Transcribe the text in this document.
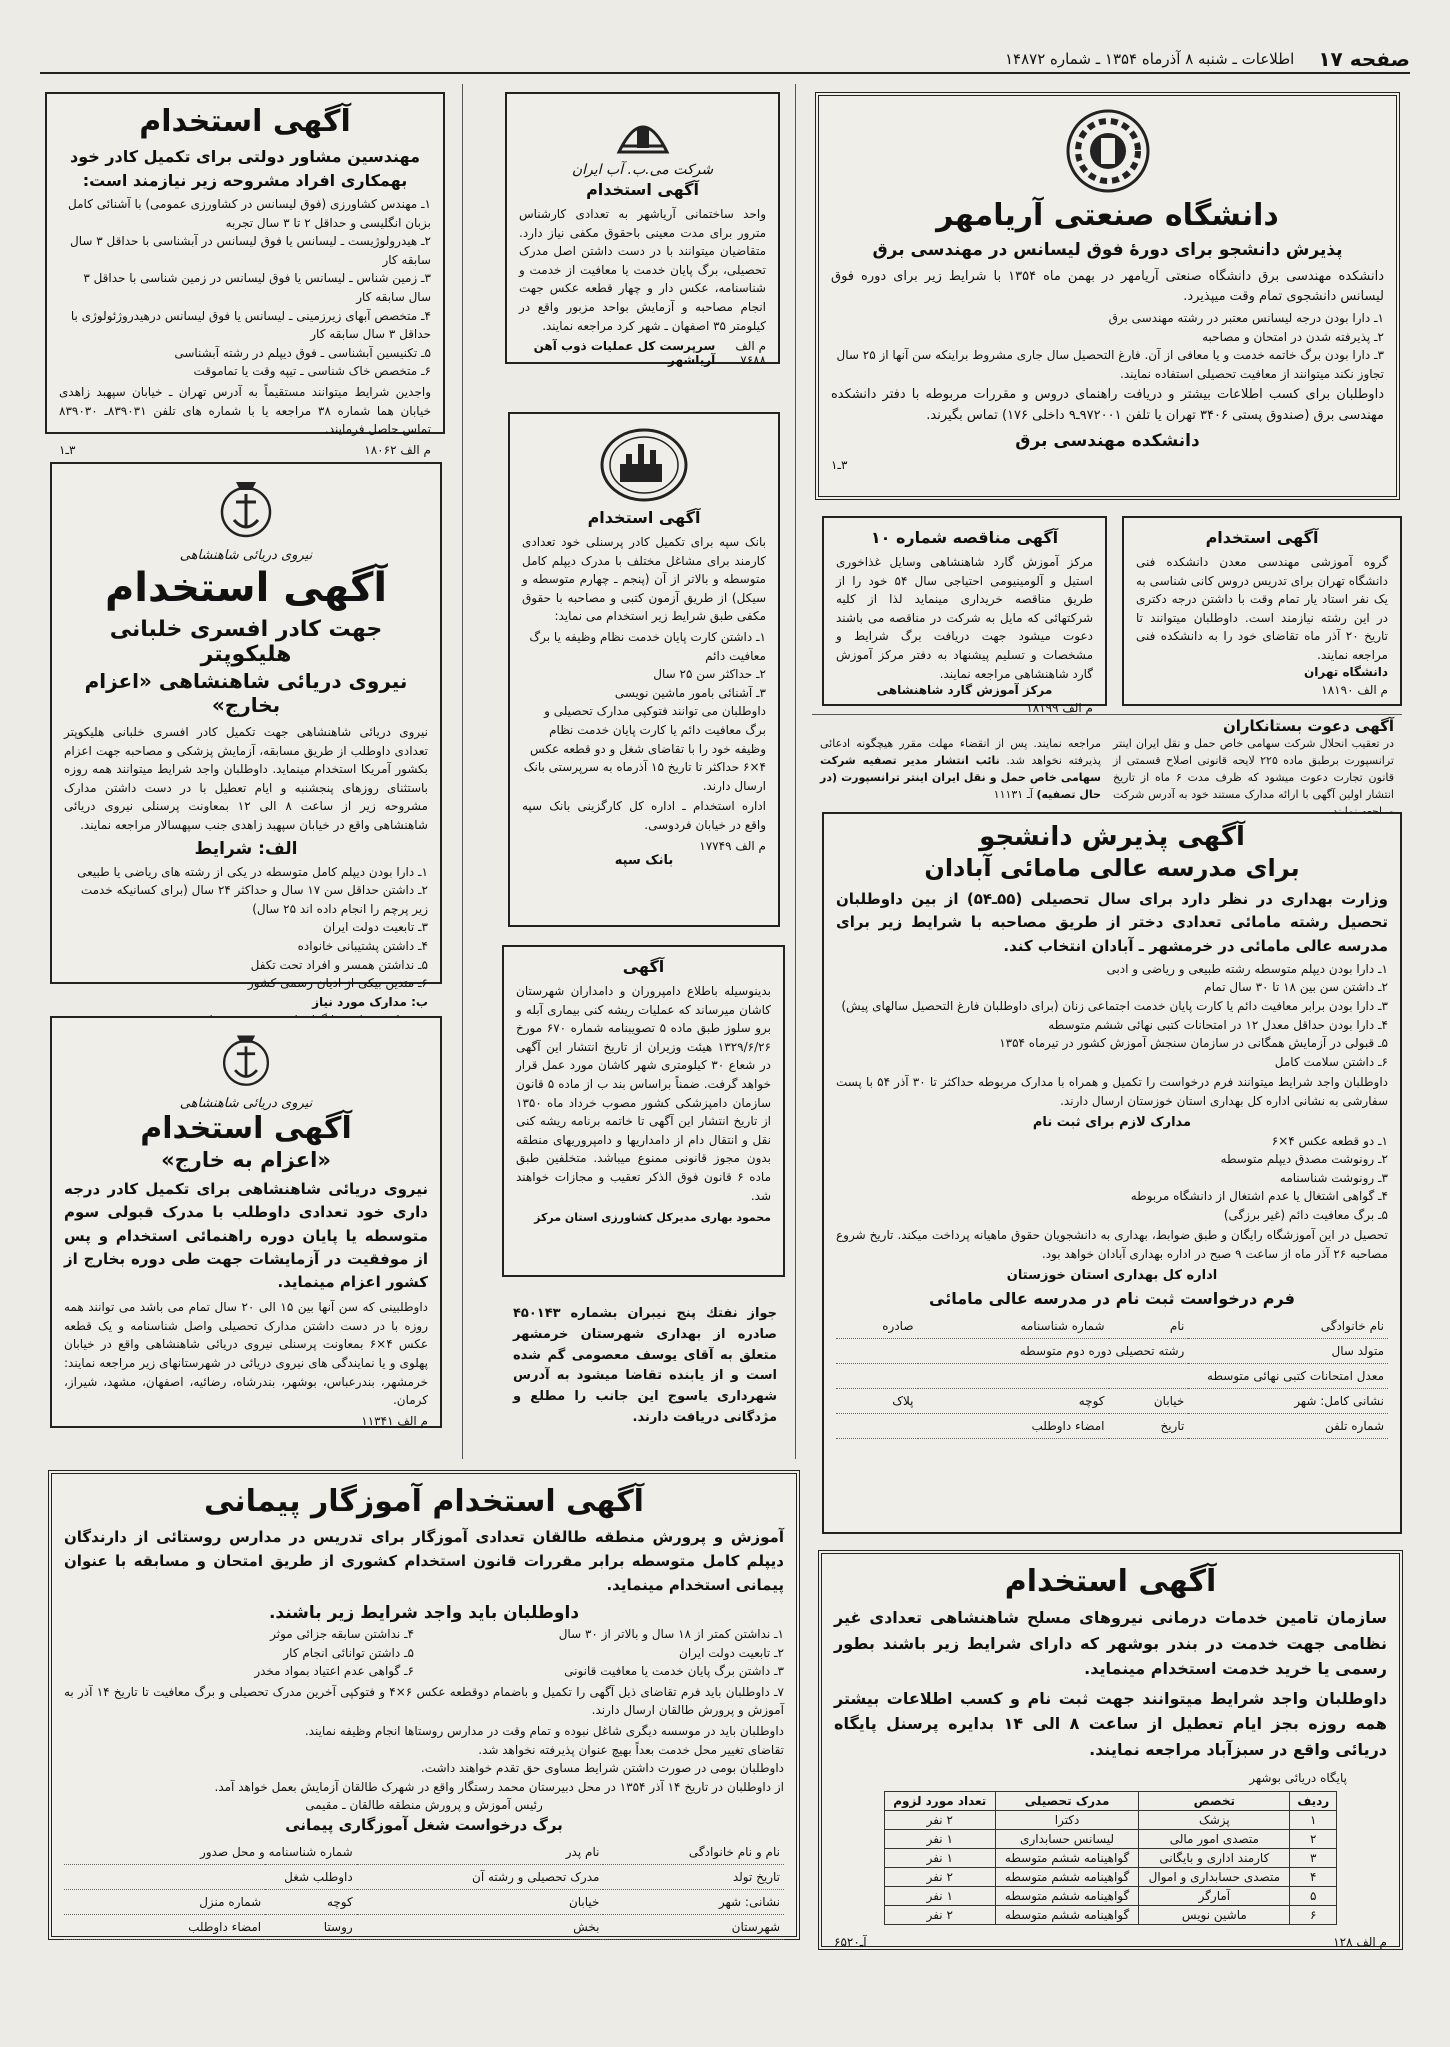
صفحه ۱۷
اطلاعات ـ شنبه ۸ آذرماه ۱۳۵۴ ـ شماره ۱۴۸۷۲
دانشگاه صنعتی آریامهر
پذیرش دانشجو برای دورهٔ فوق لیسانس در مهندسی برق
دانشکده مهندسی برق دانشگاه صنعتی آریامهر در بهمن ماه ۱۳۵۴ با شرایط زیر برای دوره فوق لیسانس دانشجوی تمام وقت میپذیرد.
۱ـ دارا بودن درجه لیسانس معتبر در رشته مهندسی برق
۲ـ پذیرفته شدن در امتحان و مصاحبه
۳ـ دارا بودن برگ خاتمه خدمت و یا معافی از آن. فارغ التحصیل سال جاری مشروط براینکه سن آنها از ۲۵ سال تجاوز نکند میتوانند از معافیت تحصیلی استفاده نمایند.
داوطلبان برای کسب اطلاعات بیشتر و دریافت راهنمای دروس و مقررات مربوطه با دفتر دانشکده مهندسی برق (صندوق پستی ۳۴۰۶ تهران یا تلفن ۹۷۲۰۰۱ـ۹ داخلی ۱۷۶) تماس بگیرند.
دانشکده مهندسی برق
۳ـ۱
آگهی مناقصه شماره ۱۰
مرکز آموزش گارد شاهنشاهی وسایل غذاخوری استیل و آلومینیومی احتیاجی سال ۵۴ خود را از طریق مناقصه خریداری مینماید لذا از کلیه شرکتهائی که مایل به شرکت در مناقصه می باشند دعوت میشود جهت دریافت برگ شرایط و مشخصات و تسلیم پیشنهاد به دفتر مرکز آموزش گارد شاهنشاهی مراجعه نمایند.
مرکز آموزش گارد شاهنشاهی
م الف ۱۸۱۹۹
آگهی استخدام
گروه آموزشی مهندسی معدن دانشکده فنی دانشگاه تهران برای تدریس دروس کانی شناسی به یک نفر استاد یار تمام وقت با داشتن درجه دکتری در این رشته نیازمند است. داوطلبان میتوانند تا تاریخ ۲۰ آذر ماه تقاضای خود را به دانشکده فنی مراجعه نمایند.
دانشگاه تهران
م الف ۱۸۱۹۰
آگهی دعوت بستانکاران
در تعقیب انحلال شرکت سهامی خاص حمل و نقل ایران اینتر ترانسپورت برطبق ماده ۲۲۵ لایحه قانونی اصلاح قسمتی از قانون تجارت دعوت میشود که ظرف مدت ۶ ماه از تاریخ انتشار اولین آگهی با ارائه مدارک مستند خود به آدرس شرکت
مراجعه نمایند. پس از انقضاء مهلت مقرر هیچگونه ادعائی پذیرفته نخواهد شد. نائب انتشار مدیر تصفیه شرکت سهامی خاص حمل و نقل ایران اینتر ترانسپورت (در حال تصفیه) آـ ۱۱۱۳۱
آگهی پذیرش دانشجو
برای مدرسه عالی مامائی آبادان
وزارت بهداری در نظر دارد برای سال تحصیلی (۵۵ـ۵۴) از بین داوطلبان تحصیل رشته مامائی تعدادی دختر از طریق مصاحبه با شرایط زیر برای مدرسه عالی مامائی در خرمشهر ـ آبادان انتخاب کند.
۱ـ دارا بودن دیپلم متوسطه رشته طبیعی و ریاضی و ادبی
۲ـ داشتن سن بین ۱۸ تا ۳۰ سال تمام
۳ـ دارا بودن برابر معافیت دائم یا کارت پایان خدمت اجتماعی زنان (برای داوطلبان فارغ التحصیل سالهای پیش)
۴ـ دارا بودن حداقل معدل ۱۲ در امتحانات کتبی نهائی ششم متوسطه
۵ـ قبولی در آزمایش همگانی در سازمان سنجش آموزش کشور در تیرماه ۱۳۵۴
۶ـ داشتن سلامت کامل
داوطلبان واجد شرایط میتوانند فرم درخواست را تکمیل و همراه با مدارک مربوطه حداکثر تا ۳۰ آذر ۵۴ با پست سفارشی به نشانی اداره کل بهداری استان خوزستان ارسال دارند.
مدارک لازم برای ثبت نام
۱ـ دو قطعه عکس ۴×۶
۲ـ رونوشت مصدق دیپلم متوسطه
۳ـ رونوشت شناسنامه
۴ـ گواهی اشتغال یا عدم اشتغال از دانشگاه مربوطه
۵ـ برگ معافیت دائم (غیر برزگی)
تحصیل در این آموزشگاه رایگان و طبق ضوابط، بهداری به دانشجویان حقوق ماهیانه پرداخت میکند. تاریخ شروع مصاحبه ۲۶ آذر ماه از ساعت ۹ صبح در اداره بهداری آبادان خواهد بود.
اداره کل بهداری استان خوزستان
فرم درخواست ثبت نام در مدرسه عالی مامائی
نام خانوادگی	نام	شماره شناسنامه	صادره
متولد سال	رشته تحصیلی دوره دوم متوسطه		
معدل امتحانات کتبی نهائی متوسطه			
نشانی کامل: شهر	خیابان	کوچه	پلاک
شماره تلفن	تاریخ	امضاء داوطلب	
آگهی استخدام
سازمان تامین خدمات درمانی نیروهای مسلح شاهنشاهی تعدادی غیر نظامی جهت خدمت در بندر بوشهر که دارای شرایط زیر باشند بطور رسمی یا خرید خدمت استخدام مینماید.
داوطلبان واجد شرایط میتوانند جهت ثبت نام و کسب اطلاعات بیشتر همه روزه بجز ایام تعطیل از ساعت ۸ الی ۱۴ بدایره پرسنل پایگاه دریائی واقع در سبزآباد مراجعه نمایند.
پایگاه دریائی بوشهر
ردیف	تخصص	مدرک تحصیلی	تعداد مورد لزوم
۱	پزشک	دکترا	۲ نفر
۲	متصدی امور مالی	لیسانس حسابداری	۱ نفر
۳	کارمند اداری و بایگانی	گواهینامه ششم متوسطه	۱ نفر
۴	متصدی حسابداری و اموال	گواهینامه ششم متوسطه	۲ نفر
۵	آمارگر	گواهینامه ششم متوسطه	۱ نفر
۶	ماشین نویس	گواهینامه ششم متوسطه	۲ نفر
م الف ۱۲۸
آـ۶۵۲۰
شرکت می.ب. آب ایران
آگهی استخدام
واحد ساختمانی آریاشهر به تعدادی کارشناس مترور برای مدت معینی باحقوق مکفی نیاز دارد. متقاضیان میتوانند با در دست داشتن اصل مدرک تحصیلی، برگ پایان خدمت یا معافیت از خدمت و شناسنامه، عکس دار و چهار قطعه عکس جهت انجام مصاحبه و آزمایش بواحد مزبور واقع در کیلومتر ۳۵ اصفهان ـ شهر کرد مراجعه نمایند.
م الف ۷۶۸۸
سرپرست کل عملیات ذوب آهن آریاشهر
آگهی استخدام
بانک سپه برای تکمیل کادر پرسنلی خود تعدادی کارمند برای مشاغل مختلف با مدرک دیپلم کامل متوسطه و بالاتر از آن (پنجم ـ چهارم متوسطه و سیکل) از طریق آزمون کتبی و مصاحبه با حقوق مکفی طبق شرایط زیر استخدام می نماید:
۱ـ داشتن کارت پایان خدمت نظام وظیفه یا برگ معافیت دائم
۲ـ حداکثر سن ۲۵ سال
۳ـ آشنائی بامور ماشین نویسی
داوطلبان می توانند فتوکپی مدارک تحصیلی و برگ معافیت دائم یا کارت پایان خدمت نظام وظیفه خود را با تقاضای شغل و دو قطعه عکس ۴×۶ حداکثر تا تاریخ ۱۵ آذرماه به سرپرستی بانک ارسال دارند.
اداره استخدام ـ اداره کل کارگزینی بانک سپه واقع در خیابان فردوسی.
م الف ۱۷۷۴۹
بانک سپه
آگهی
بدینوسیله باطلاع دامپروران و دامداران شهرستان کاشان میرساند که عملیات ریشه کنی بیماری آبله و برو سلوز طبق ماده ۵ تصویبنامه شماره ۶۷۰ مورخ ۱۳۲۹/۶/۲۶ هیئت وزیران از تاریخ انتشار این آگهی در شعاع ۳۰ کیلومتری شهر کاشان مورد عمل قرار خواهد گرفت. ضمناً براساس بند ب از ماده ۵ قانون سازمان دامپزشکی کشور مصوب خرداد ماه ۱۳۵۰ از تاریخ انتشار این آگهی تا خاتمه برنامه ریشه کنی نقل و انتقال دام از دامداریها و دامپروریهای منطقه بدون مجوز قانونی ممنوع میباشد. متخلفین طبق ماده ۶ قانون فوق الذکر تعقیب و مجازات خواهند شد.
محمود بهاری مدیرکل کشاورزی استان مرکز
جواز نفتك پنج نيبران بشماره ۴۵۰۱۴۳ صادره از بهداری شهرستان خرمشهر متعلق به آقای یوسف معصومی گم شده است و از یابنده تقاضا میشود به آدرس شهرداری یاسوج این جانب را مطلع و مژدگانی دریافت دارند.
آگهی استخدام
مهندسین مشاور دولتی برای تکمیل کادر خود بهمکاری افراد مشروحه زیر نیازمند است:
۱ـ مهندس کشاورزی (فوق لیسانس در کشاورزی عمومی) با آشنائی کامل بزبان انگلیسی و حداقل ۲ تا ۳ سال تجربه
۲ـ هیدرولوژیست ـ لیسانس یا فوق لیسانس در آبشناسی با حداقل ۳ سال سابقه کار
۳ـ زمین شناس ـ لیسانس یا فوق لیسانس در زمین شناسی با حداقل ۳ سال سابقه کار
۴ـ متخصص آبهای زیرزمینی ـ لیسانس یا فوق لیسانس درهیدروژئولوژی با حداقل ۳ سال سابقه کار
۵ـ تکنیسین آبشناسی ـ فوق دیپلم در رشته آبشناسی
۶ـ متخصص خاک شناسی ـ تیپه وقت یا تماموقت
واجدین شرایط میتوانند مستقیماً به آدرس تهران ـ خیابان سپهبد زاهدی خیابان هما شماره ۳۸ مراجعه یا با شماره های تلفن ۸۳۹۰۳۱ـ ۸۳۹۰۳۰ تماس حاصل فرمایند.
م الف ۱۸۰۶۲
۳ـ۱
نیروی دریائی شاهنشاهی
آگهی استخدام
جهت کادر افسری خلبانی هلیکوپتر
نیروی دریائی شاهنشاهی «اعزام بخارج»
نیروی دریائی شاهنشاهی جهت تکمیل کادر افسری خلبانی هلیکوپتر تعدادی داوطلب از طریق مسابقه، آزمایش پزشکی و مصاحبه جهت اعزام بکشور آمریکا استخدام مینماید. داوطلبان واجد شرایط میتوانند همه روزه باستثنای روزهای پنجشنبه و ایام تعطیل با در دست داشتن مدارک مشروحه زیر از ساعت ۸ الی ۱۲ بمعاونت پرسنلی نیروی دریائی شاهنشاهی واقع در خیابان سپهبد زاهدی جنب سپهسالار مراجعه نمایند.
الف: شرایط
۱ـ دارا بودن دیپلم کامل متوسطه در یکی از رشته های ریاضی یا طبیعی
۲ـ داشتن حداقل سن ۱۷ سال و حداکثر ۲۴ سال (برای کسانیکه خدمت زیر پرچم را انجام داده اند ۲۵ سال)
۳ـ تابعیت دولت ایران
۴ـ داشتن پشتیبانی خانواده
۵ـ نداشتن همسر و افراد تحت تکفل
۶ـ متدین بیکی از ادیان رسمی کشور
ب: مدارک مورد نیاز
نیروی دریائی شاهنشاهی
آگهی استخدام
«اعزام به خارج»
نیروی دریائی شاهنشاهی برای تکمیل کادر درجه داری خود تعدادی داوطلب با مدرک قبولی سوم متوسطه یا پایان دوره راهنمائی استخدام و پس از موفقیت در آزمایشات جهت طی دوره بخارج از کشور اعزام مینماید.
داوطلبینی که سن آنها بین ۱۵ الی ۲۰ سال تمام می باشد می توانند همه روزه با در دست داشتن مدارک تحصیلی واصل شناسنامه و یک قطعه عکس ۴×۶ بمعاونت پرسنلی نیروی دریائی شاهنشاهی واقع در خیابان پهلوی و یا نمایندگی های نیروی دریائی در شهرستانهای زیر مراجعه نمایند: خرمشهر، بندرعباس، بوشهر، بندرشاه، رضائیه، اصفهان، مشهد، شیراز، کرمان.
م الف ۱۱۳۴۱
آگهی استخدام آموزگار پیمانی
آموزش و پرورش منطقه طالقان تعدادی آموزگار برای تدریس در مدارس روستائی از دارندگان دیپلم کامل متوسطه برابر مقررات قانون استخدام کشوری از طریق امتحان و مسابقه با عنوان پیمانی استخدام مینماید.
داوطلبان باید واجد شرایط زیر باشند.
۱ـ نداشتن کمتر از ۱۸ سال و بالاتر از ۳۰ سال
۲ـ تابعیت دولت ایران
۳ـ داشتن برگ پایان خدمت یا معافیت قانونی
۴ـ نداشتن سابقه جزائی موثر
۵ـ داشتن توانائی انجام کار
۶ـ گواهی عدم اعتیاد بمواد مخدر
۷ـ داوطلبان باید فرم تقاضای ذیل آگهی را تکمیل و باضمام دوقطعه عکس ۶×۴ و فتوکپی آخرین مدرک تحصیلی و برگ معافیت تا تاریخ ۱۴ آذر به آموزش و پرورش طالقان ارسال دارند.
داوطلبان باید در موسسه دیگری شاغل نبوده و تمام وقت در مدارس روستاها انجام وظیفه نمایند.
تقاضای تغییر محل خدمت بعداً بهیچ عنوان پذیرفته نخواهد شد.
داوطلبان بومی در صورت داشتن شرایط مساوی حق تقدم خواهند داشت.
از داوطلبان در تاریخ ۱۴ آذر ۱۳۵۴ در محل دبیرستان محمد رستگار واقع در شهرک طالقان آزمایش بعمل خواهد آمد.
رئیس آموزش و پرورش منطقه طالقان ـ مقیمی
برگ درخواست شغل آموزگاری پیمانی
نام و نام خانوادگی	نام پدر	شماره شناسنامه و محل صدور	
تاریخ تولد	مدرک تحصیلی و رشته آن	داوطلب شغل	
نشانی: شهر	خیابان	کوچه	شماره منزل
شهرستان	بخش	روستا	امضاء داوطلب
